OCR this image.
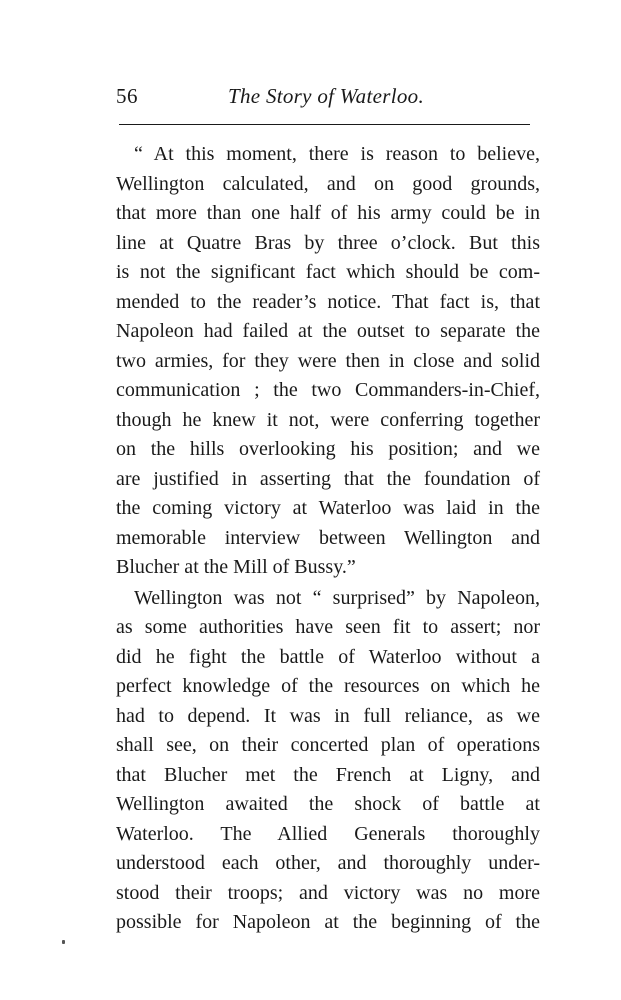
56	The Story of Waterloo.
“ At this moment, there is reason to believe,
Wellington calculated, and on good grounds,
that more than one half of his army could be in
line at Quatre Bras by three o’clock. But this
is not the significant fact which should be com-
mended to the reader’s notice. That fact is, that
Napoleon had failed at the outset to separate the
two armies, for they were then in close and solid
communication ; the two Commanders-in-Chief,
though he knew it not, were conferring together
on the hills overlooking his position; and we
are justified in asserting that the foundation of
the coming victory at Waterloo was laid in the
memorable interview between Wellington and
Blucher at the Mill of Bussy.”
Wellington was not “ surprised” by Napoleon,
as some authorities have seen fit to assert; nor
did he fight the battle of Waterloo without a
perfect knowledge of the resources on which he
had to depend. It was in full reliance, as we
shall see, on their concerted plan of operations
that Blucher met the French at Ligny, and
Wellington awaited the shock of battle at
Waterloo. The Allied Generals thoroughly
understood each other, and thoroughly under-
stood their troops; and victory was no more
possible for Napoleon at the beginning of the
